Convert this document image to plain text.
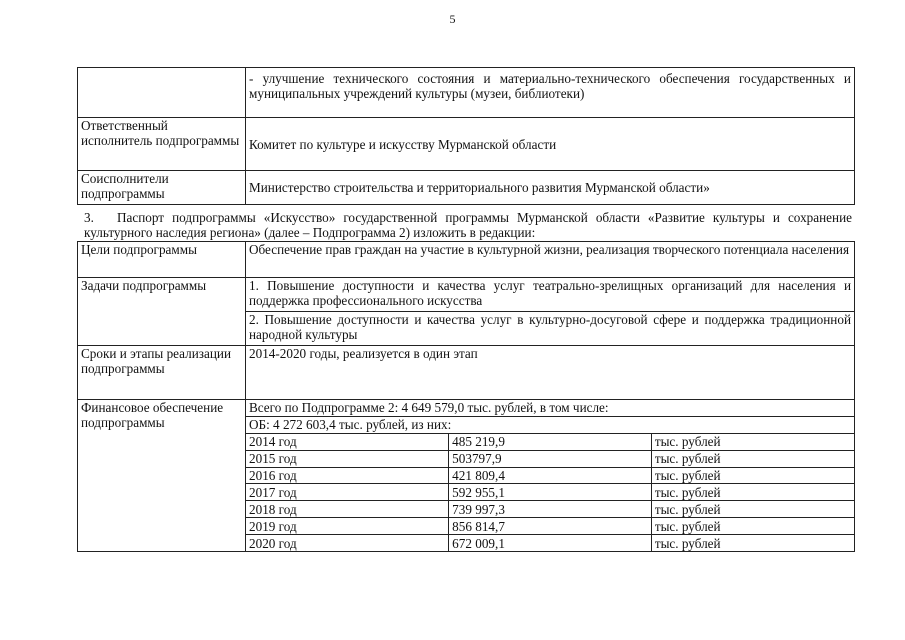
5
	- улучшение технического состояния и материально-технического обеспечения государственных и муниципальных учреждений культуры (музеи, библиотеки)
Ответственный исполнитель подпрограммы	Комитет по культуре и искусству Мурманской области
Соисполнители подпрограммы	Министерство строительства и территориального развития Мурманской области»
3. Паспорт подпрограммы «Искусство» государственной программы Мурманской области «Развитие культуры и сохранение культурного наследия региона» (далее – Подпрограмма 2) изложить в редакции:
Цели подпрограммы	Обеспечение прав граждан на участие в культурной жизни, реализация творческого потенциала населения
Задачи подпрограммы	1. Повышение доступности и качества услуг театрально-зрелищных организаций для населения и поддержка профессионального искусства
2. Повышение доступности и качества услуг в культурно-досуговой сфере и поддержка традиционной народной культуры
Сроки и этапы реализации подпрограммы	2014-2020 годы, реализуется в один этап
Финансовое обеспечение подпрограммы	
Всего по Подпрограмме 2: 4 649 579,0 тыс. рублей, в том числе:
ОБ: 4 272 603,4 тыс. рублей, из них:
2014 год	485 219,9	тыс. рублей
2015 год	503797,9	тыс. рублей
2016 год	421 809,4	тыс. рублей
2017 год	592 955,1	тыс. рублей
2018 год	739 997,3	тыс. рублей
2019 год	856 814,7	тыс. рублей
2020 год	672 009,1	тыс. рублей
